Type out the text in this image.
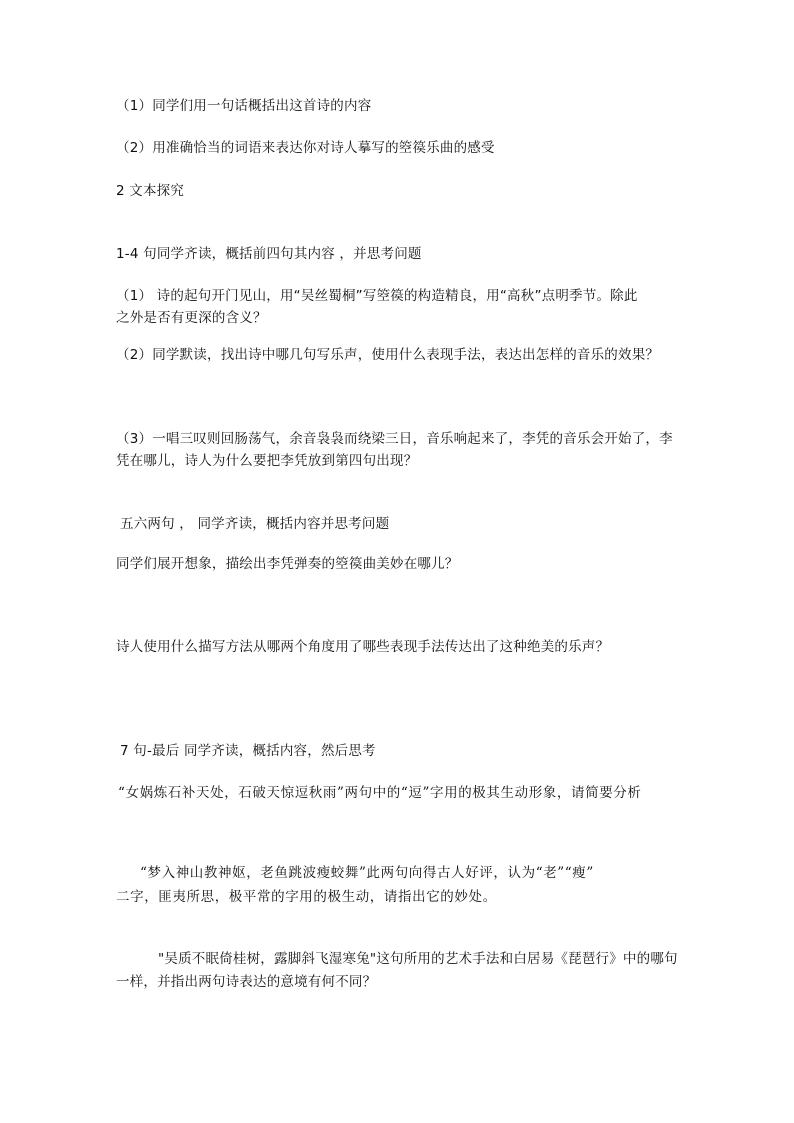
（1）同学们用一句话概括出这首诗的内容
（2）用准确恰当的词语来表达你对诗人摹写的箜篌乐曲的感受
2 文本探究
1-4 句同学齐读，概括前四句其内容 ，并思考问题
（1） 诗的起句开门见山，用“吴丝蜀桐”写箜篌的构造精良，用“高秋”点明季节。除此
之外是否有更深的含义？
（2）同学默读，找出诗中哪几句写乐声，使用什么表现手法，表达出怎样的音乐的效果？
（3）一唱三叹则回肠荡气，余音袅袅而绕梁三日，音乐响起来了，李凭的音乐会开始了，李
凭在哪儿，诗人为什么要把李凭放到第四句出现？
五六两句 ， 同学齐读，概括内容并思考问题
同学们展开想象，描绘出李凭弹奏的箜篌曲美妙在哪儿？
诗人使用什么描写方法从哪两个角度用了哪些表现手法传达出了这种绝美的乐声？
7 句-最后 同学齐读，概括内容，然后思考
“女娲炼石补天处，石破天惊逗秋雨”两句中的“逗”字用的极其生动形象，请简要分析
“梦入神山教神妪，老鱼跳波瘦蛟舞”此两句向得古人好评，认为“老”“瘦”
二字，匪夷所思，极平常的字用的极生动，请指出它的妙处。
"吴质不眠倚桂树，露脚斜飞湿寒兔"这句所用的艺术手法和白居易《琵琶行》中的哪句
一样，并指出两句诗表达的意境有何不同？
